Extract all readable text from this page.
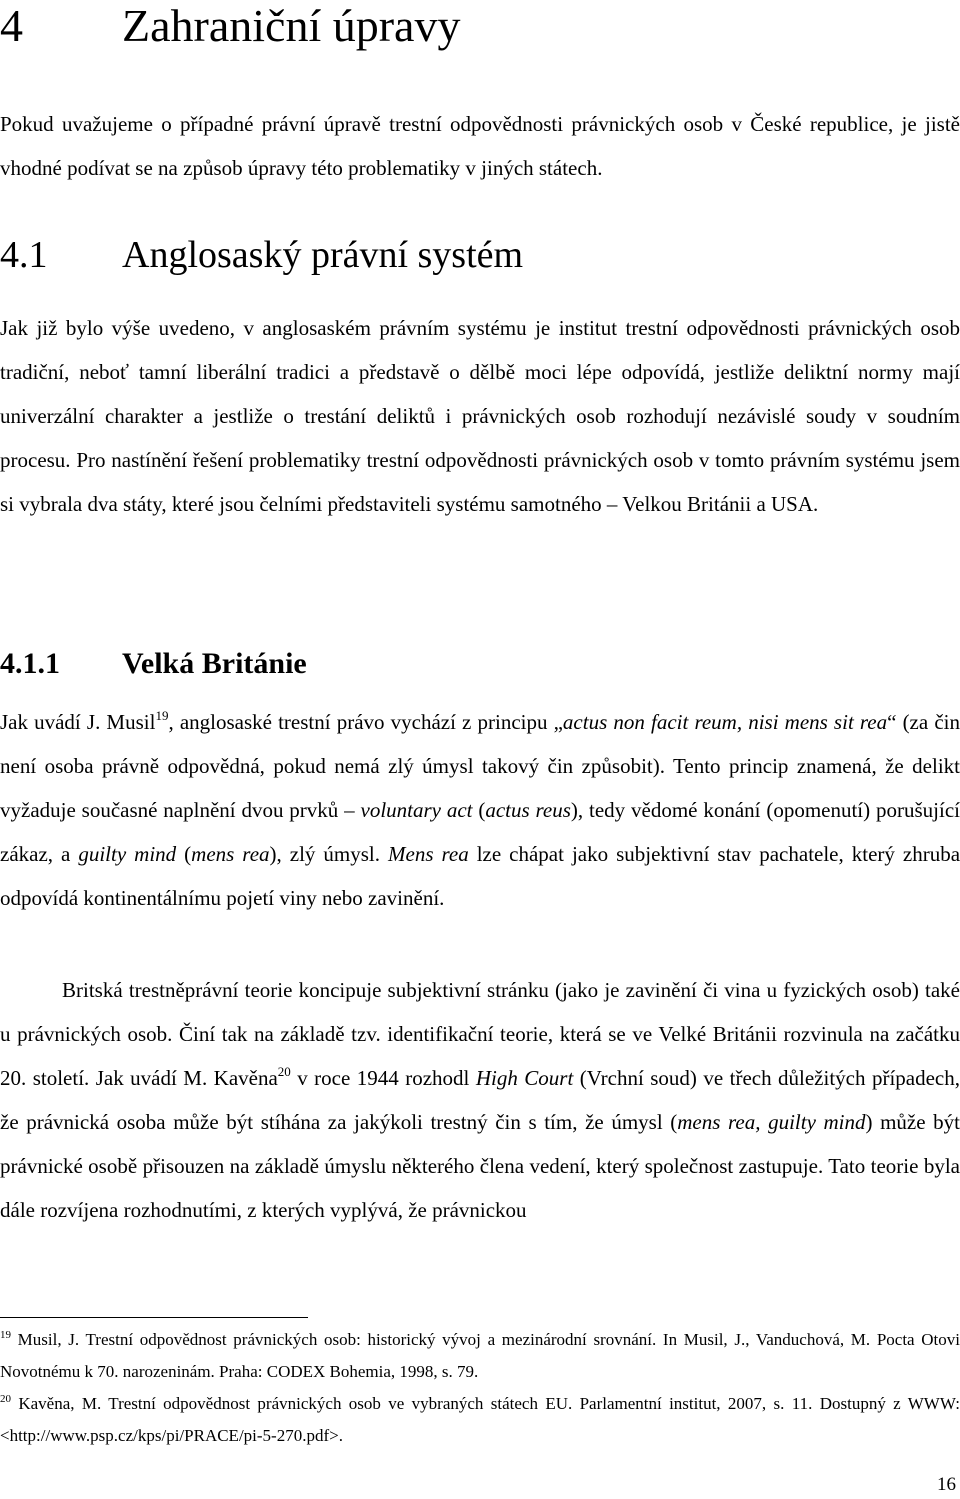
4 Zahraniční úpravy

Pokud uvažujeme o případné právní úpravě trestní odpovědnosti právnických osob v České republice, je jistě vhodné podívat se na způsob úpravy této problematiky v jiných státech.

4.1 Anglosaský právní systém

Jak již bylo výše uvedeno, v anglosaském právním systému je institut trestní odpovědnosti právnických osob tradiční, neboť tamní liberální tradici a představě o dělbě moci lépe odpovídá, jestliže deliktní normy mají univerzální charakter a jestliže o trestání deliktů i právnických osob rozhodují nezávislé soudy v soudním procesu. Pro nastínění řešení problematiky trestní odpovědnosti právnických osob v tomto právním systému jsem si vybrala dva státy, které jsou čelními představiteli systému samotného – Velkou Británii a USA.

4.1.1 Velká Británie

Jak uvádí J. Musil$^{19}$, anglosaské trestní právo vychází z principu „actus non facit reum, nisi mens sit rea“ (za čin není osoba právně odpovědná, pokud nemá zlý úmysl takový čin způsobit). Tento princip znamená, že delikt vyžaduje současné naplnění dvou prvků – voluntary act (actus reus), tedy vědomé konání (opomenutí) porušující zákaz, a guilty mind (mens rea), zlý úmysl. Mens rea lze chápat jako subjektivní stav pachatele, který zhruba odpovídá kontinentálnímu pojetí viny nebo zavinění.

Britská trestněprávní teorie koncipuje subjektivní stránku (jako je zavinění či vina u fyzických osob) také u právnických osob. Činí tak na základě tzv. identifikační teorie, která se ve Velké Británii rozvinula na začátku 20. století. Jak uvádí M. Kavěna$^{20}$ v roce 1944 rozhodl High Court (Vrchní soud) ve třech důležitých případech, že právnická osoba může být stíhána za jakýkoli trestný čin s tím, že úmysl (mens rea, guilty mind) může být právnické osobě přisouzen na základě úmyslu některého člena vedení, který společnost zastupuje. Tato teorie byla dále rozvíjena rozhodnutími, z kterých vyplývá, že právnickou

$^{19}$ Musil, J. Trestní odpovědnost právnických osob: historický vývoj a mezinárodní srovnání. In Musil, J., Vanduchová, M. Pocta Otovi Novotnému k 70. narozeninám. Praha: CODEX Bohemia, 1998, s. 79.

$^{20}$ Kavěna, M. Trestní odpovědnost právnických osob ve vybraných státech EU. Parlamentní institut, 2007, s. 11. Dostupný z WWW: <http://www.psp.cz/kps/pi/PRACE/pi-5-270.pdf>.

16
